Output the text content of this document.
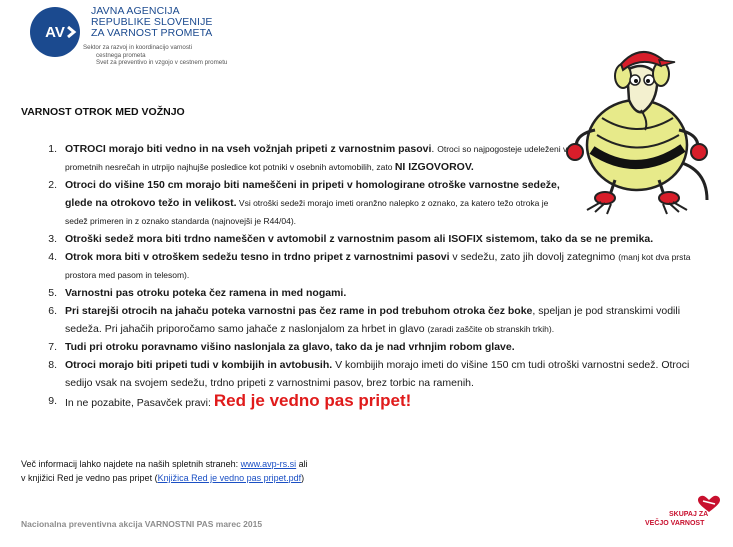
AV
JAVNA AGENCIJA
REPUBLIKE SLOVENIJE
ZA VARNOST PROMETA
Sektor za razvoj in koordinacijo varnosti
cestnega prometa
Svet za preventivo in vzgojo v cestnem prometu
VARNOST OTROK MED VOŽNJO
1. OTROCI morajo biti vedno in na vseh vožnjah pripeti z varnostnim pasovi. Otroci so najpogosteje udeleženi v prometnih nesrečah in utrpijo najhujše posledice kot potniki v osebnih avtomobilih, zato NI IZGOVOROV.
2. Otroci do višine 150 cm morajo biti nameščeni in pripeti v homologirane otroške varnostne sedeže, glede na otrokovo težo in velikost. Vsi otroški sedeži morajo imeti oranžno nalepko z oznako, za katero težo otroka je sedež primeren in z oznako standarda (najnovejši je R44/04).
3. Otroški sedež mora biti trdno nameščen v avtomobil z varnostnim pasom ali ISOFIX sistemom, tako da se ne premika.
4. Otrok mora biti v otroškem sedežu tesno in trdno pripet z varnostnimi pasovi v sedežu, zato jih dovolj zategnimo (manj kot dva prsta prostora med pasom in telesom).
5. Varnostni pas otroku poteka čez ramena in med nogami.
6. Pri starejši otrocih na jahaču poteka varnostni pas čez rame in pod trebuhom otroka čez boke, speljan je pod stranskimi vodili sedeža. Pri jahačih priporočamo samo jahače z naslonjalom za hrbet in glavo (zaradi zaščite ob stranskih trkih).
7. Tudi pri otroku poravnamo višino naslonjala za glavo, tako da je nad vrhnjim robom glave.
8. Otroci morajo biti pripeti tudi v kombijih in avtobusih. V kombijih morajo imeti do višine 150 cm tudi otroški varnostni sedež. Otroci sedijo vsak na svojem sedežu, trdno pripeti z varnostnimi pasov, brez torbic na ramenih.
9. In ne pozabite, Pasavček pravi: Red je vedno pas pripet!
Več informacij lahko najdete na naših spletnih straneh: www.avp-rs.si ali
v knjižici Red je vedno pas pripet (Knjižica Red je vedno pas pripet.pdf)
Nacionalna preventivna akcija VARNOSTNI PAS marec 2015
SKUPAJ ZA
VEČJO VARNOST
